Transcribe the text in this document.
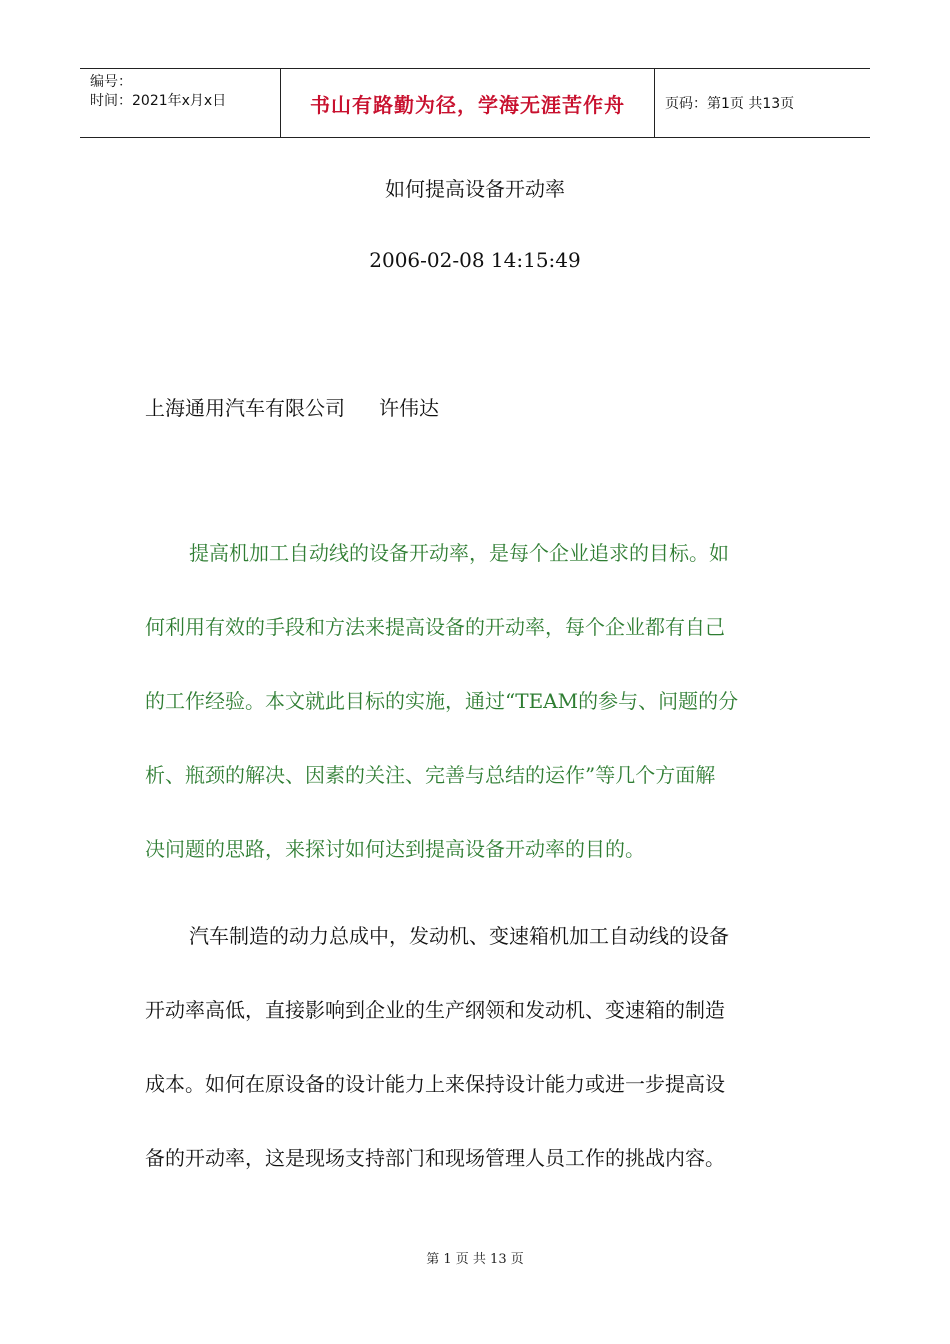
编号：
时间：2021年x月x日	书山有路勤为径，学海无涯苦作舟	页码：第1页 共13页
如何提高设备开动率
2006-02-08 14:15:49
上海通用汽车有限公司 许伟达
提高机加工自动线的设备开动率，是每个企业追求的目标。如
何利用有效的手段和方法来提高设备的开动率，每个企业都有自己
的工作经验。本文就此目标的实施，通过“TEAM的参与、问题的分
析、瓶颈的解决、因素的关注、完善与总结的运作”等几个方面解
决问题的思路，来探讨如何达到提高设备开动率的目的。
汽车制造的动力总成中，发动机、变速箱机加工自动线的设备
开动率高低，直接影响到企业的生产纲领和发动机、变速箱的制造
成本。如何在原设备的设计能力上来保持设计能力或进一步提高设
备的开动率，这是现场支持部门和现场管理人员工作的挑战内容。
第 1 页 共 13 页
